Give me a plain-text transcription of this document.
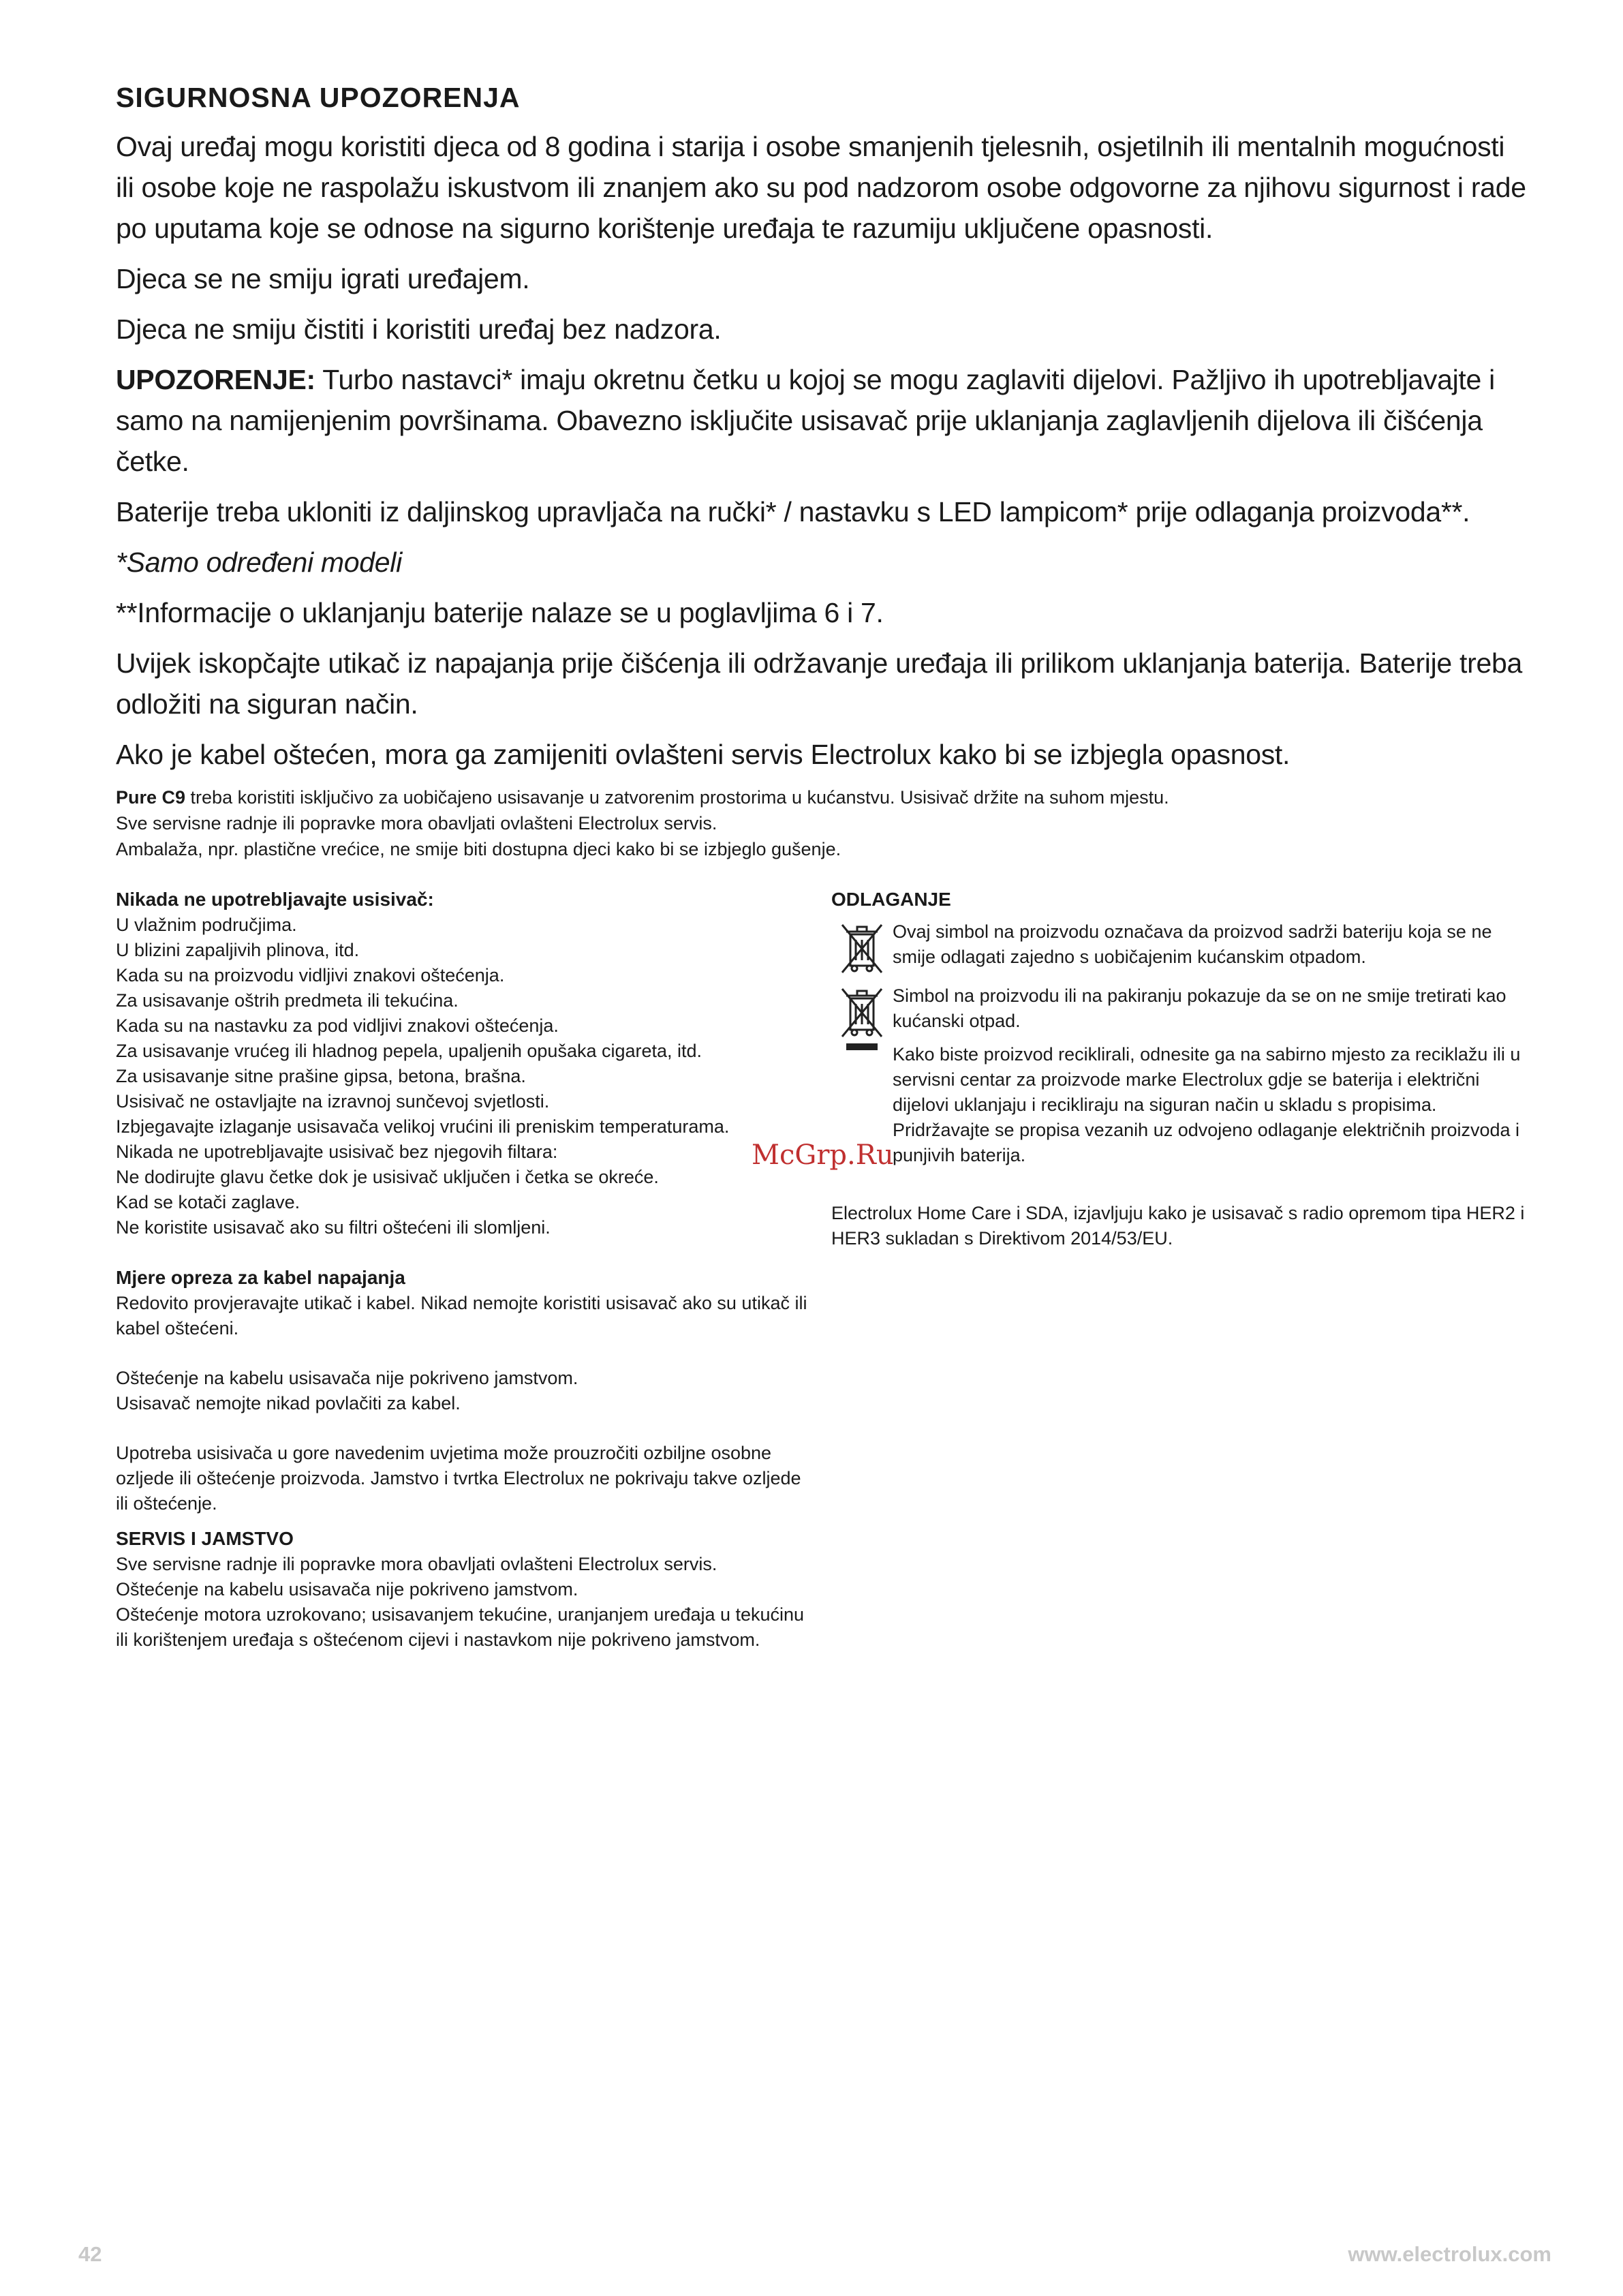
SIGURNOSNA UPOZORENJA

Ovaj uređaj mogu koristiti djeca od 8 godina i starija i osobe smanjenih tjelesnih, osjetilnih ili mentalnih mogućnosti ili osobe koje ne raspolažu iskustvom ili znanjem ako su pod nadzorom osobe odgovorne za njihovu sigurnost i rade po uputama koje se odnose na sigurno korištenje uređaja te razumiju uključene opasnosti.

Djeca se ne smiju igrati uređajem.

Djeca ne smiju čistiti i koristiti uređaj bez nadzora.

UPOZORENJE: Turbo nastavci* imaju okretnu četku u kojoj se mogu zaglaviti dijelovi. Pažljivo ih upotrebljavajte i samo na namijenjenim površinama. Obavezno isključite usisavač prije uklanjanja zaglavljenih dijelova ili čišćenja četke.

Baterije treba ukloniti iz daljinskog upravljača na ručki* / nastavku s LED lampicom* prije odlaganja proizvoda**.

*Samo određeni modeli

**Informacije o uklanjanju baterije nalaze se u poglavljima 6 i 7.

Uvijek iskopčajte utikač iz napajanja prije čišćenja ili održavanje uređaja ili prilikom uklanjanja baterija. Baterije treba odložiti na siguran način.

Ako je kabel oštećen, mora ga zamijeniti ovlašteni servis Electrolux kako bi se izbjegla opasnost.

Pure C9 treba koristiti isključivo za uobičajeno usisavanje u zatvorenim prostorima u kućanstvu. Usisivač držite na suhom mjestu.

Sve servisne radnje ili popravke mora obavljati ovlašteni Electrolux servis.

Ambalaža, npr. plastične vrećice, ne smije biti dostupna djeci kako bi se izbjeglo gušenje.

Nikada ne upotrebljavajte usisivač:

U vlažnim područjima.

U blizini zapaljivih plinova, itd.

Kada su na proizvodu vidljivi znakovi oštećenja.

Za usisavanje oštrih predmeta ili tekućina.

Kada su na nastavku za pod vidljivi znakovi oštećenja.

Za usisavanje vrućeg ili hladnog pepela, upaljenih opušaka cigareta, itd.

Za usisavanje sitne prašine gipsa, betona, brašna.

Usisivač ne ostavljajte na izravnoj sunčevoj svjetlosti.

Izbjegavajte izlaganje usisavača velikoj vrućini ili preniskim temperaturama.

Nikada ne upotrebljavajte usisivač bez njegovih filtara:

Ne dodirujte glavu četke dok je usisivač uključen i četka se okreće.

Kad se kotači zaglave.

Ne koristite usisavač ako su filtri oštećeni ili slomljeni.

Mjere opreza za kabel napajanja

Redovito provjeravajte utikač i kabel. Nikad nemojte koristiti usisavač ako su utikač ili kabel oštećeni.

Oštećenje na kabelu usisavača nije pokriveno jamstvom.

Usisavač nemojte nikad povlačiti za kabel.

Upotreba usisivača u gore navedenim uvjetima može prouzročiti ozbiljne osobne ozljede ili oštećenje proizvoda. Jamstvo i tvrtka Electrolux ne pokrivaju takve ozljede ili oštećenje.

SERVIS I JAMSTVO

Sve servisne radnje ili popravke mora obavljati ovlašteni Electrolux servis.

Oštećenje na kabelu usisavača nije pokriveno jamstvom.

Oštećenje motora uzrokovano; usisavanjem tekućine, uranjanjem uređaja u tekućinu ili korištenjem uređaja s oštećenom cijevi i nastavkom nije pokriveno jamstvom.

ODLAGANJE

Ovaj simbol na proizvodu označava da proizvod sadrži bateriju koja se ne smije odlagati zajedno s uobičajenim kućanskim otpadom.

Simbol na proizvodu ili na pakiranju pokazuje da se on ne smije tretirati kao kućanski otpad.

Kako biste proizvod reciklirali, odnesite ga na sabirno mjesto za reciklažu ili u servisni centar za proizvode marke Electrolux gdje se baterija i električni dijelovi uklanjaju i recikliraju na siguran način u skladu s propisima. Pridržavajte se propisa vezanih uz odvojeno odlaganje električnih proizvoda i punjivih baterija.

Electrolux Home Care i SDA, izjavljuju kako je usisavač s radio opremom tipa HER2 i HER3 sukladan s Direktivom 2014/53/EU.

McGrp.Ru
42	www.electrolux.com
